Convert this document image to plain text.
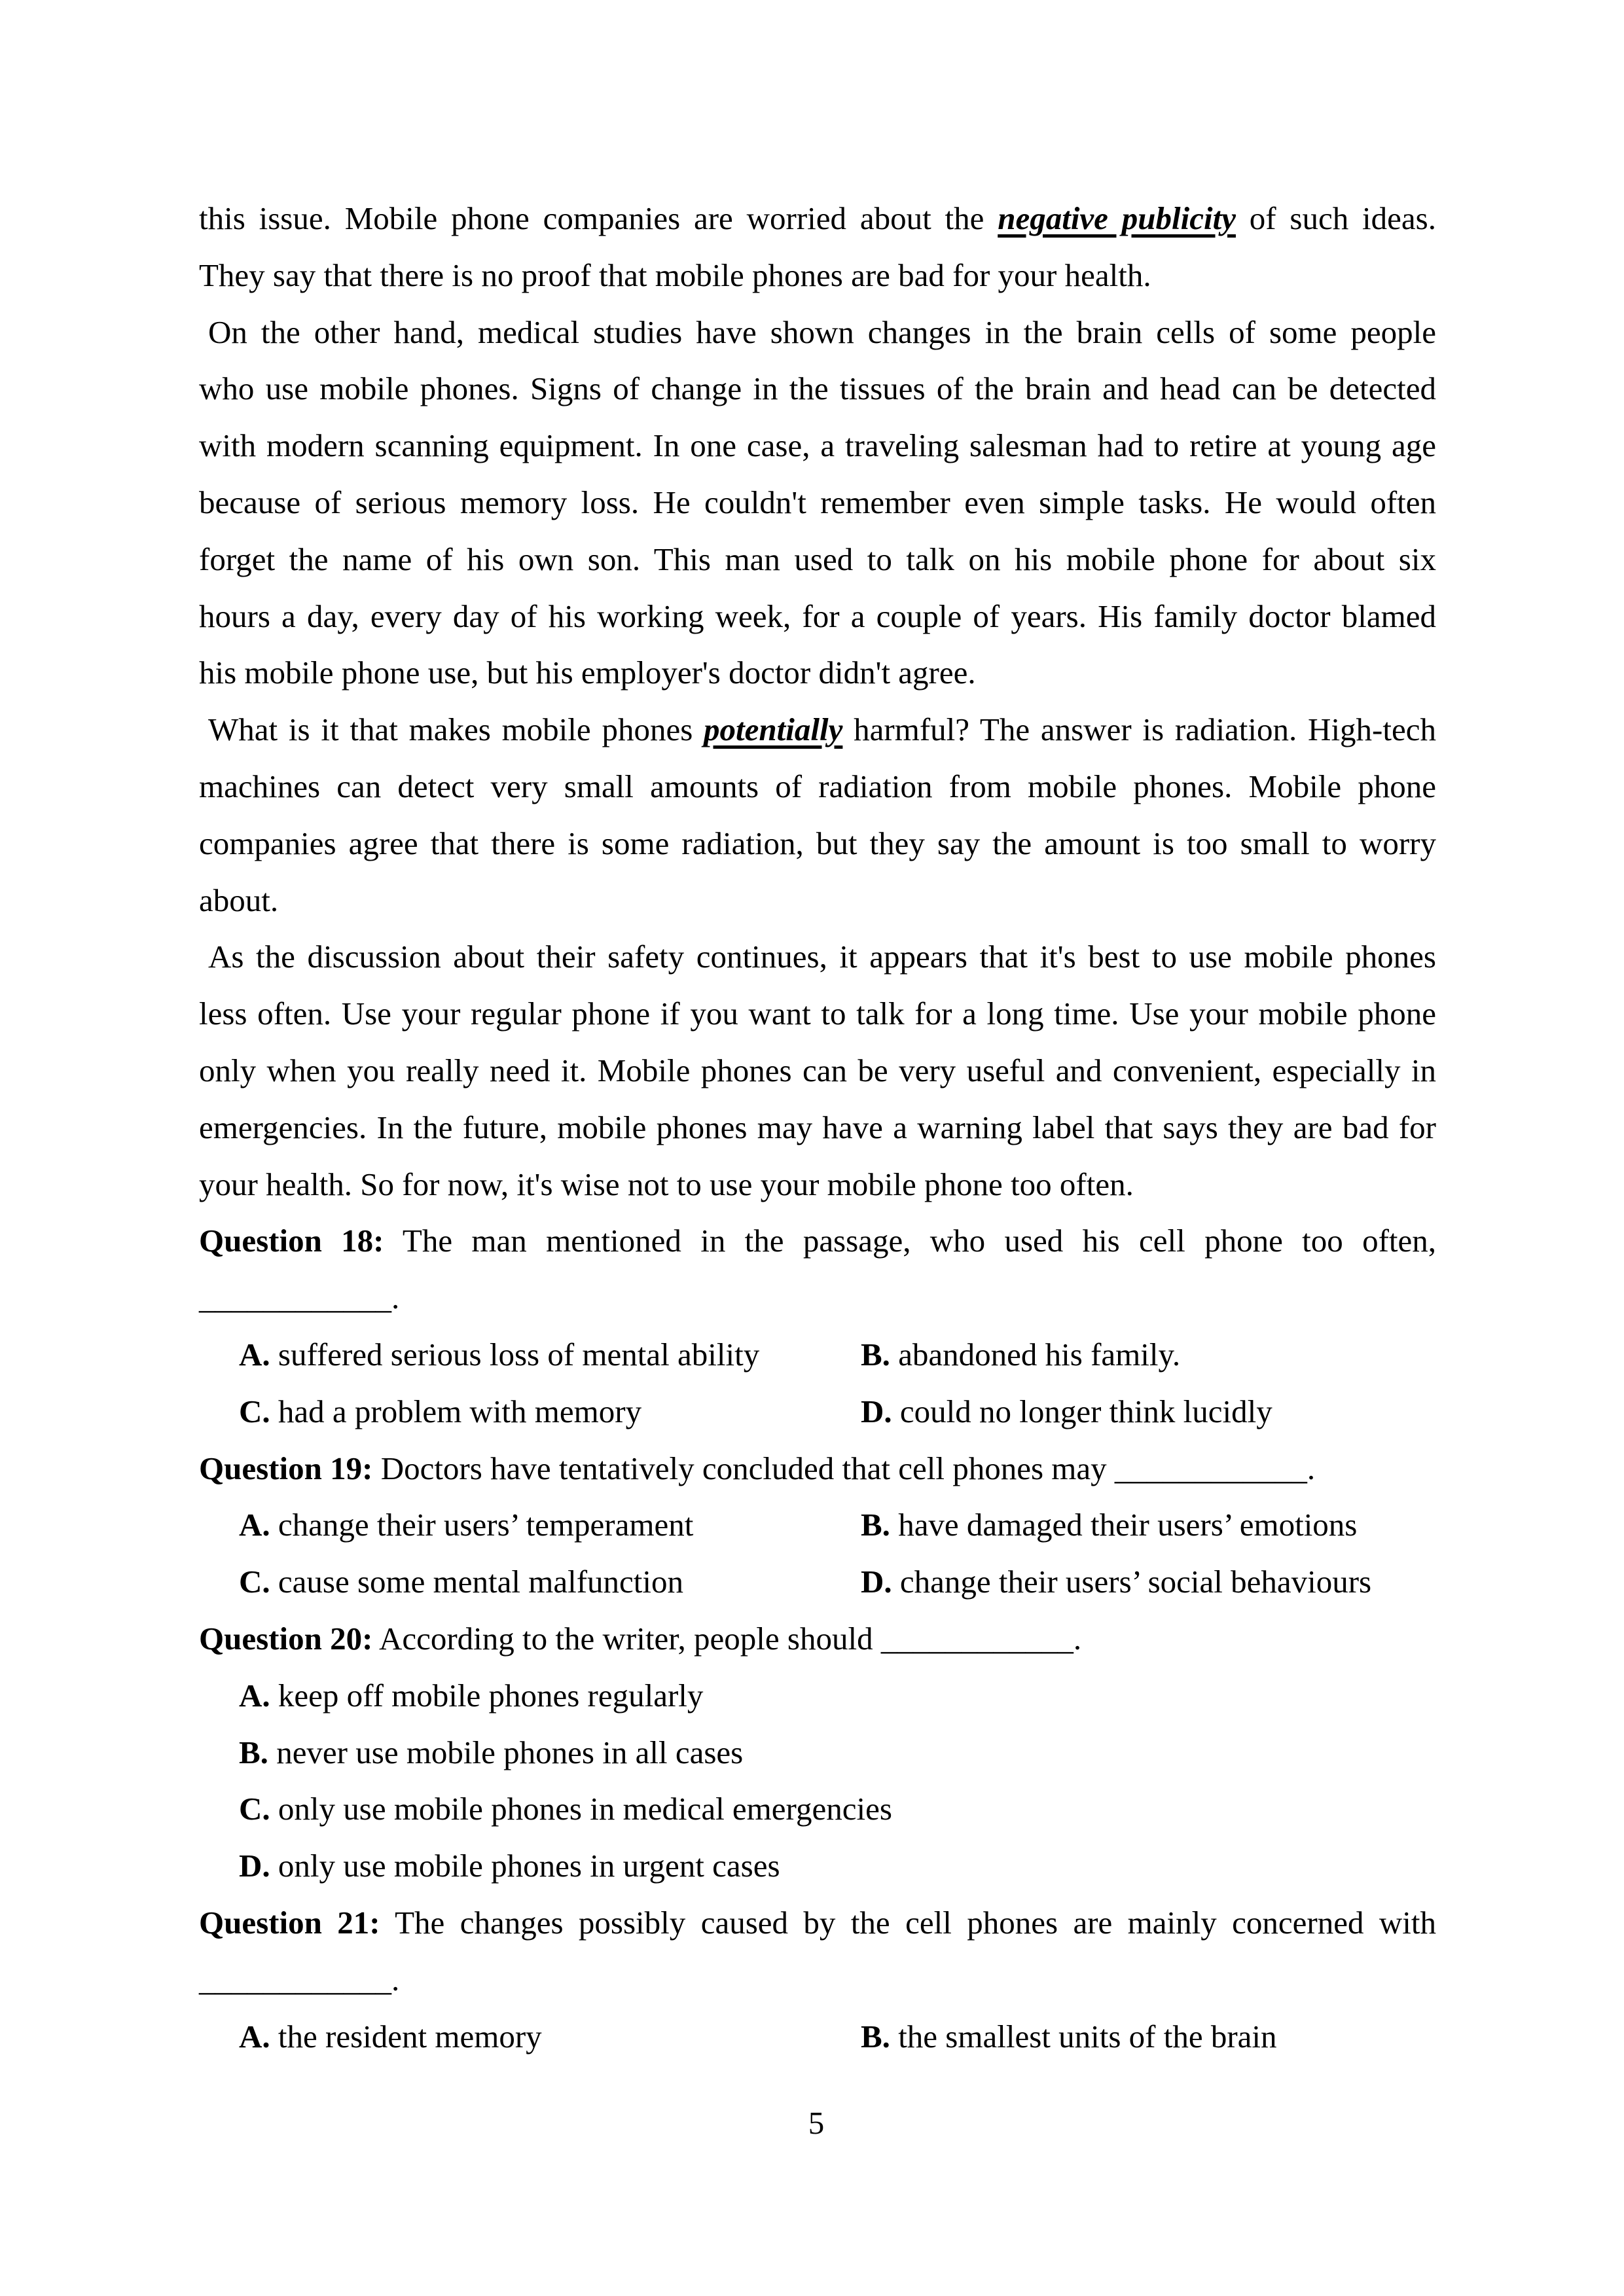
this issue. Mobile phone companies are worried about the negative publicity of such ideas.
They say that there is no proof that mobile phones are bad for your health.
On the other hand, medical studies have shown changes in the brain cells of some people
who use mobile phones. Signs of change in the tissues of the brain and head can be detected
with modern scanning equipment. In one case, a traveling salesman had to retire at young age
because of serious memory loss. He couldn't remember even simple tasks. He would often
forget the name of his own son. This man used to talk on his mobile phone for about six
hours a day, every day of his working week, for a couple of years. His family doctor blamed
his mobile phone use, but his employer's doctor didn't agree.
What is it that makes mobile phones potentially harmful? The answer is radiation. High-tech
machines can detect very small amounts of radiation from mobile phones. Mobile phone
companies agree that there is some radiation, but they say the amount is too small to worry
about.
As the discussion about their safety continues, it appears that it's best to use mobile phones
less often. Use your regular phone if you want to talk for a long time. Use your mobile phone
only when you really need it. Mobile phones can be very useful and convenient, especially in
emergencies. In the future, mobile phones may have a warning label that says they are bad for
your health. So for now, it's wise not to use your mobile phone too often.
Question 18: The man mentioned in the passage, who used his cell phone too often,
____________.
A. suffered serious loss of mental ability	B. abandoned his family.
C. had a problem with memory	D. could no longer think lucidly
Question 19: Doctors have tentatively concluded that cell phones may ____________.
A. change their users’ temperament	B. have damaged their users’ emotions
C. cause some mental malfunction	D. change their users’ social behaviours
Question 20: According to the writer, people should ____________.
A. keep off mobile phones regularly
B. never use mobile phones in all cases
C. only use mobile phones in medical emergencies
D. only use mobile phones in urgent cases
Question 21: The changes possibly caused by the cell phones are mainly concerned with
____________.
A. the resident memory	B. the smallest units of the brain
5
